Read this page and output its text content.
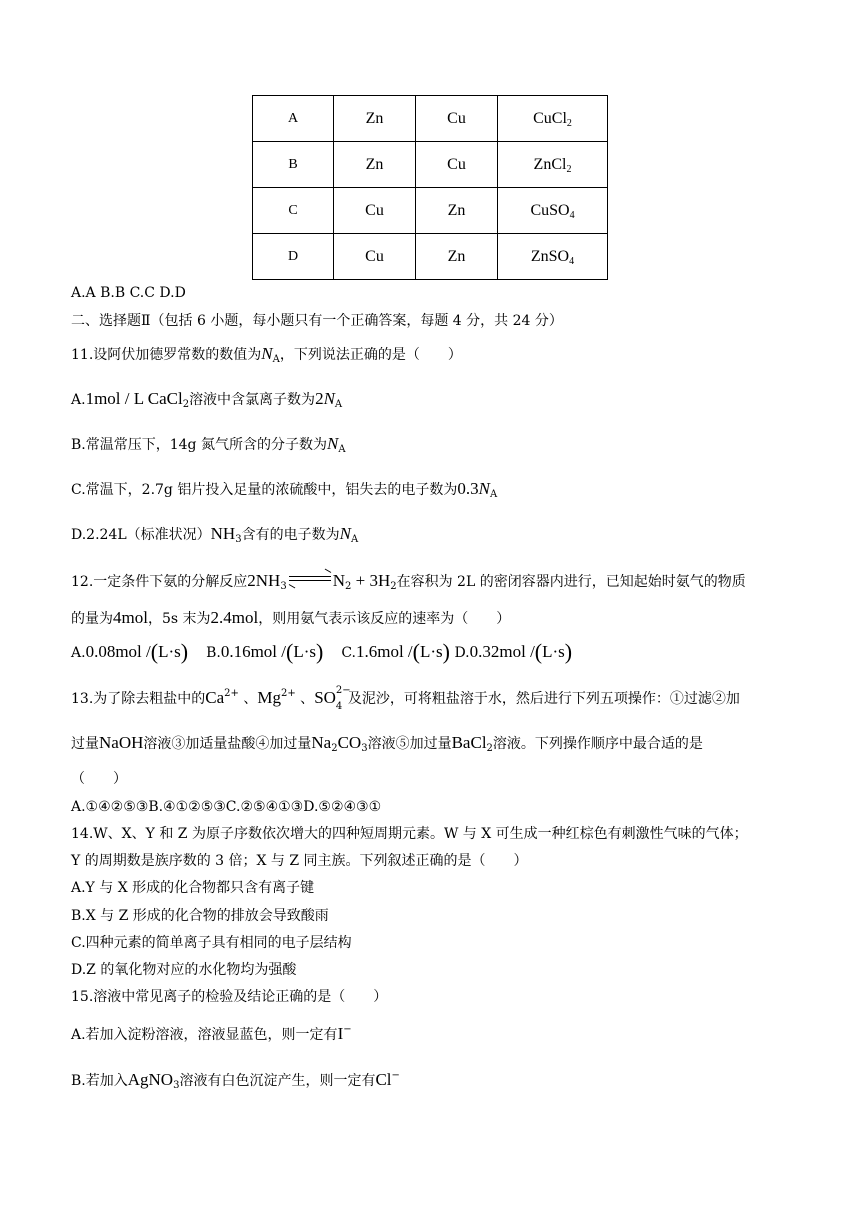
A	Zn	Cu	CuCl$_2$
B	Zn	Cu	ZnCl$_2$
C	Cu	Zn	CuSO$_4$
D	Cu	Zn	ZnSO$_4$
A.A B.B C.C D.D
二、选择题Ⅱ（包括 6 小题，每小题只有一个正确答案，每题 4 分，共 24 分）
11.设阿伏加德罗常数的数值为$N_A$，下列说法正确的是（　　）
A.1mol / L CaCl$_2$溶液中含氯离子数为$2N_A$
B.常温常压下，14g 氮气所含的分子数为$N_A$
C.常温下，2.7g 铝片投入足量的浓硫酸中，铝失去的电子数为$0.3N_A$
D.2.24L（标准状况）$NH_3$含有的电子数为$N_A$
12.一定条件下氨的分解反应$2NH_3$	$N_2 + 3H_2$在容积为 2L 的密闭容器内进行，已知起始时氨气的物质
的量为4mol，5s 末为2.4mol，则用氨气表示该反应的速率为（　　）
A.0.08mol /(L·s) B.0.16mol /(L·s) C.1.6mol /(L·s) D.0.32mol /(L·s)
13.为了除去粗盐中的$Ca^{2+}$ 、$Mg^{2+}$ 、SO 2−
4 及泥沙，可将粗盐溶于水，然后进行下列五项操作：①过滤②加
过量NaOH溶液③加适量盐酸④加过量$Na_2CO_3$溶液⑤加过量BaCl$_2$溶液。下列操作顺序中最合适的是
（　　）
A.①④②⑤③B.④①②⑤③C.②⑤④①③D.⑤②④③①
14.W、X、Y 和 Z 为原子序数依次增大的四种短周期元素。W 与 X 可生成一种红棕色有刺激性气味的气体；
Y 的周期数是族序数的 3 倍；X 与 Z 同主族。下列叙述正确的是（　　）
A.Y 与 X 形成的化合物都只含有离子键
B.X 与 Z 形成的化合物的排放会导致酸雨
C.四种元素的简单离子具有相同的电子层结构
D.Z 的氧化物对应的水化物均为强酸
15.溶液中常见离子的检验及结论正确的是（　　）
A.若加入淀粉溶液，溶液显蓝色，则一定有I−
B.若加入AgNO$_3$溶液有白色沉淀产生，则一定有Cl−
